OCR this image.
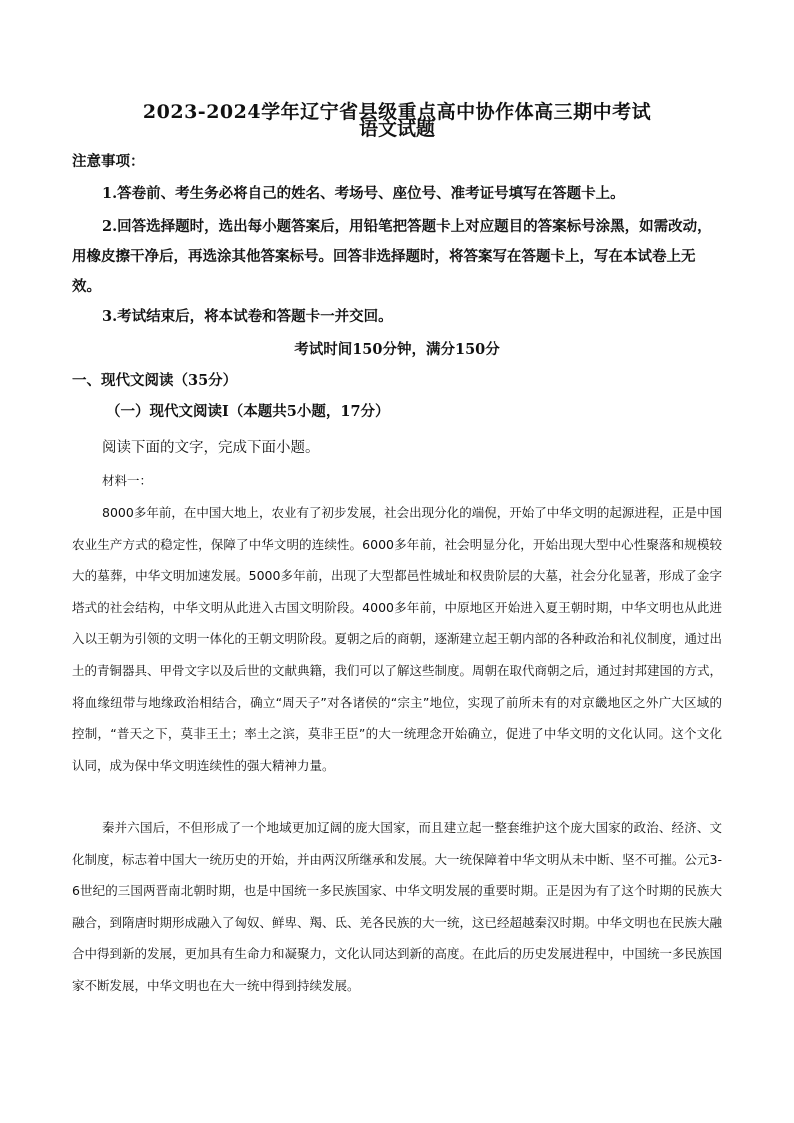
2023-2024学年辽宁省县级重点高中协作体高三期中考试
语文试题
注意事项：
1.答卷前、考生务必将自己的姓名、考场号、座位号、准考证号填写在答题卡上。
2.回答选择题时，选出每小题答案后，用铅笔把答题卡上对应题目的答案标号涂黑，如需改动，用橡皮擦干净后，再选涂其他答案标号。回答非选择题时，将答案写在答题卡上，写在本试卷上无效。
3.考试结束后，将本试卷和答题卡一并交回。
考试时间150分钟，满分150分
一、现代文阅读（35分）
（一）现代文阅读Ⅰ（本题共5小题，17分）
阅读下面的文字，完成下面小题。
材料一：
8000多年前，在中国大地上，农业有了初步发展，社会出现分化的端倪，开始了中华文明的起源进程，正是中国农业生产方式的稳定性，保障了中华文明的连续性。6000多年前，社会明显分化，开始出现大型中心性聚落和规模较大的墓葬，中华文明加速发展。5000多年前，出现了大型都邑性城址和权贵阶层的大墓，社会分化显著，形成了金字塔式的社会结构，中华文明从此进入古国文明阶段。4000多年前，中原地区开始进入夏王朝时期，中华文明也从此进入以王朝为引领的文明一体化的王朝文明阶段。夏朝之后的商朝，逐渐建立起王朝内部的各种政治和礼仪制度，通过出土的青铜器具、甲骨文字以及后世的文献典籍，我们可以了解这些制度。周朝在取代商朝之后，通过封邦建国的方式，将血缘纽带与地缘政治相结合，确立“周天子”对各诸侯的“宗主”地位，实现了前所未有的对京畿地区之外广大区域的控制，“普天之下，莫非王土；率土之滨，莫非王臣”的大一统理念开始确立，促进了中华文明的文化认同。这个文化认同，成为保中华文明连续性的强大精神力量。
秦并六国后，不但形成了一个地域更加辽阔的庞大国家，而且建立起一整套维护这个庞大国家的政治、经济、文化制度，标志着中国大一统历史的开始，并由两汉所继承和发展。大一统保障着中华文明从未中断、坚不可摧。公元3-6世纪的三国两晋南北朝时期，也是中国统一多民族国家、中华文明发展的重要时期。正是因为有了这个时期的民族大融合，到隋唐时期形成融入了匈奴、鲜卑、羯、氐、羌各民族的大一统，这已经超越秦汉时期。中华文明也在民族大融合中得到新的发展，更加具有生命力和凝聚力，文化认同达到新的高度。在此后的历史发展进程中，中国统一多民族国家不断发展，中华文明也在大一统中得到持续发展。
